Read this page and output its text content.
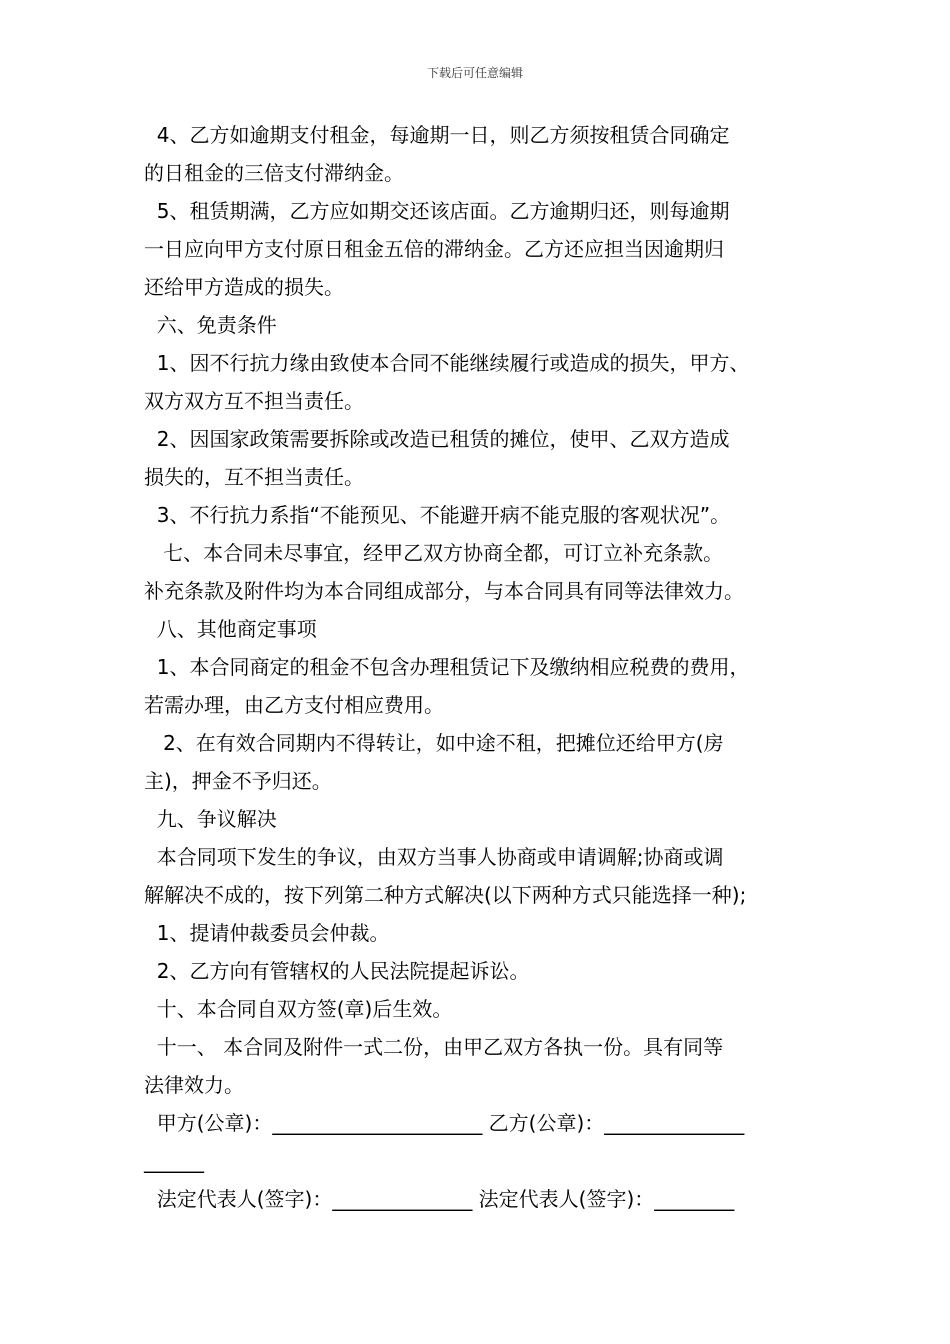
下载后可任意编辑

4、乙方如逾期支付租金，每逾期一日，则乙方须按租赁合同确定

的日租金的三倍支付滞纳金。

5、租赁期满，乙方应如期交还该店面。乙方逾期归还，则每逾期

一日应向甲方支付原日租金五倍的滞纳金。乙方还应担当因逾期归

还给甲方造成的损失。

六、免责条件

1、因不行抗力缘由致使本合同不能继续履行或造成的损失，甲方、

双方双方互不担当责任。

2、因国家政策需要拆除或改造已租赁的摊位，使甲、乙双方造成

损失的，互不担当责任。

3、不行抗力系指“不能预见、不能避开病不能克服的客观状况”。

七、本合同未尽事宜，经甲乙双方协商全都，可订立补充条款。

补充条款及附件均为本合同组成部分，与本合同具有同等法律效力。

八、其他商定事项

1、本合同商定的租金不包含办理租赁记下及缴纳相应税费的费用，

若需办理，由乙方支付相应费用。

2、在有效合同期内不得转让，如中途不租，把摊位还给甲方(房

主)，押金不予归还。

九、争议解决

本合同项下发生的争议，由双方当事人协商或申请调解;协商或调

解解决不成的，按下列第二种方式解决(以下两种方式只能选择一种);

1、提请仲裁委员会仲裁。

2、乙方向有管辖权的人民法院提起诉讼。

十、本合同自双方签(章)后生效。

十一、 本合同及附件一式二份，由甲乙双方各执一份。具有同等

法律效力。

甲方(公章)：_____________________ 乙方(公章)：______________

______

法定代表人(签字)：______________ 法定代表人(签字)：________
